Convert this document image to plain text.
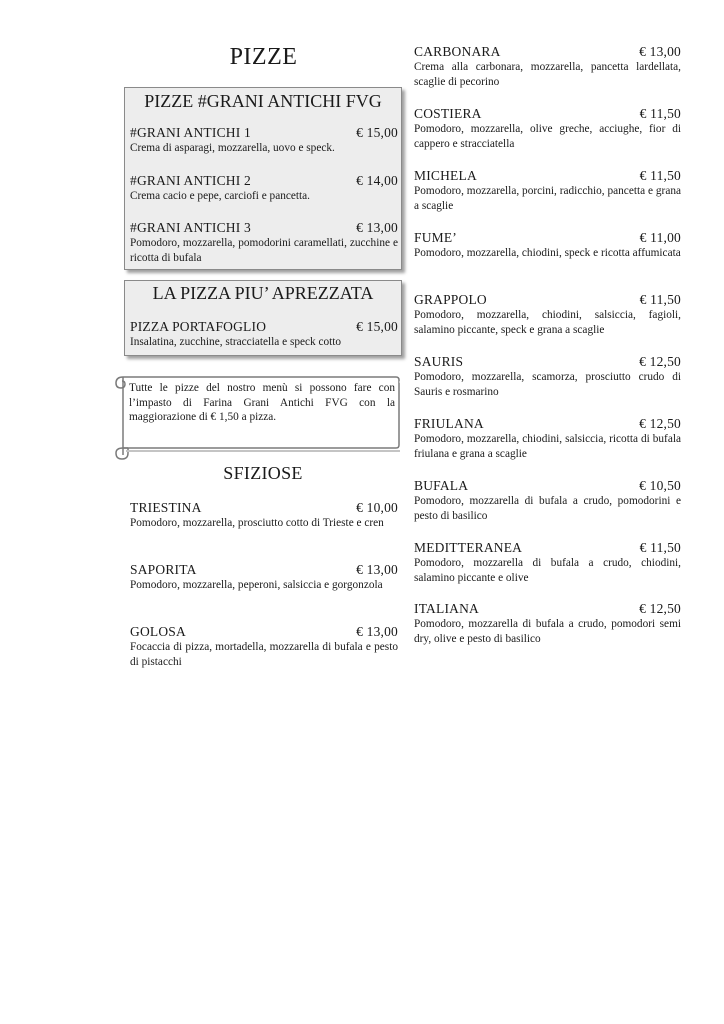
PIZZE
PIZZE #GRANI ANTICHI FVG
#GRANI ANTICHI 1	€ 15,00
Crema di asparagi, mozzarella, uovo e speck.
#GRANI ANTICHI 2	€ 14,00
Crema cacio e pepe, carciofi e pancetta.
#GRANI ANTICHI 3	€ 13,00
Pomodoro, mozzarella, pomodorini caramellati, zucchine e ricotta di bufala
LA PIZZA PIU’ APREZZATA
PIZZA PORTAFOGLIO	€ 15,00
Insalatina, zucchine, stracciatella e speck cotto
Tutte le pizze del nostro menù si possono fare con l’impasto di Farina Grani Antichi FVG con la maggiorazione di € 1,50 a pizza.
SFIZIOSE
TRIESTINA	€ 10,00
Pomodoro, mozzarella, prosciutto cotto di Trieste e cren
SAPORITA	€ 13,00
Pomodoro, mozzarella, peperoni, salsiccia e gorgonzola
GOLOSA	€ 13,00
Focaccia di pizza, mortadella, mozzarella di bufala e pesto di pistacchi
CARBONARA	€ 13,00
Crema alla carbonara, mozzarella, pancetta lardellata, scaglie di pecorino
COSTIERA	€ 11,50
Pomodoro, mozzarella, olive greche, acciughe, fior di cappero e stracciatella
MICHELA	€ 11,50
Pomodoro, mozzarella, porcini, radicchio, pancetta e grana a scaglie
FUME’	€ 11,00
Pomodoro, mozzarella, chiodini, speck e ricotta affumicata
GRAPPOLO	€ 11,50
Pomodoro, mozzarella, chiodini, salsiccia, fagioli, salamino piccante, speck e grana a scaglie
SAURIS	€ 12,50
Pomodoro, mozzarella, scamorza, prosciutto crudo di Sauris e rosmarino
FRIULANA	€ 12,50
Pomodoro, mozzarella, chiodini, salsiccia, ricotta di bufala friulana e grana a scaglie
BUFALA	€ 10,50
Pomodoro, mozzarella di bufala a crudo, pomodorini e pesto di basilico
MEDITTERANEA	€ 11,50
Pomodoro, mozzarella di bufala a crudo, chiodini, salamino piccante e olive
ITALIANA	€ 12,50
Pomodoro, mozzarella di bufala a crudo, pomodori semi dry, olive e pesto di basilico
